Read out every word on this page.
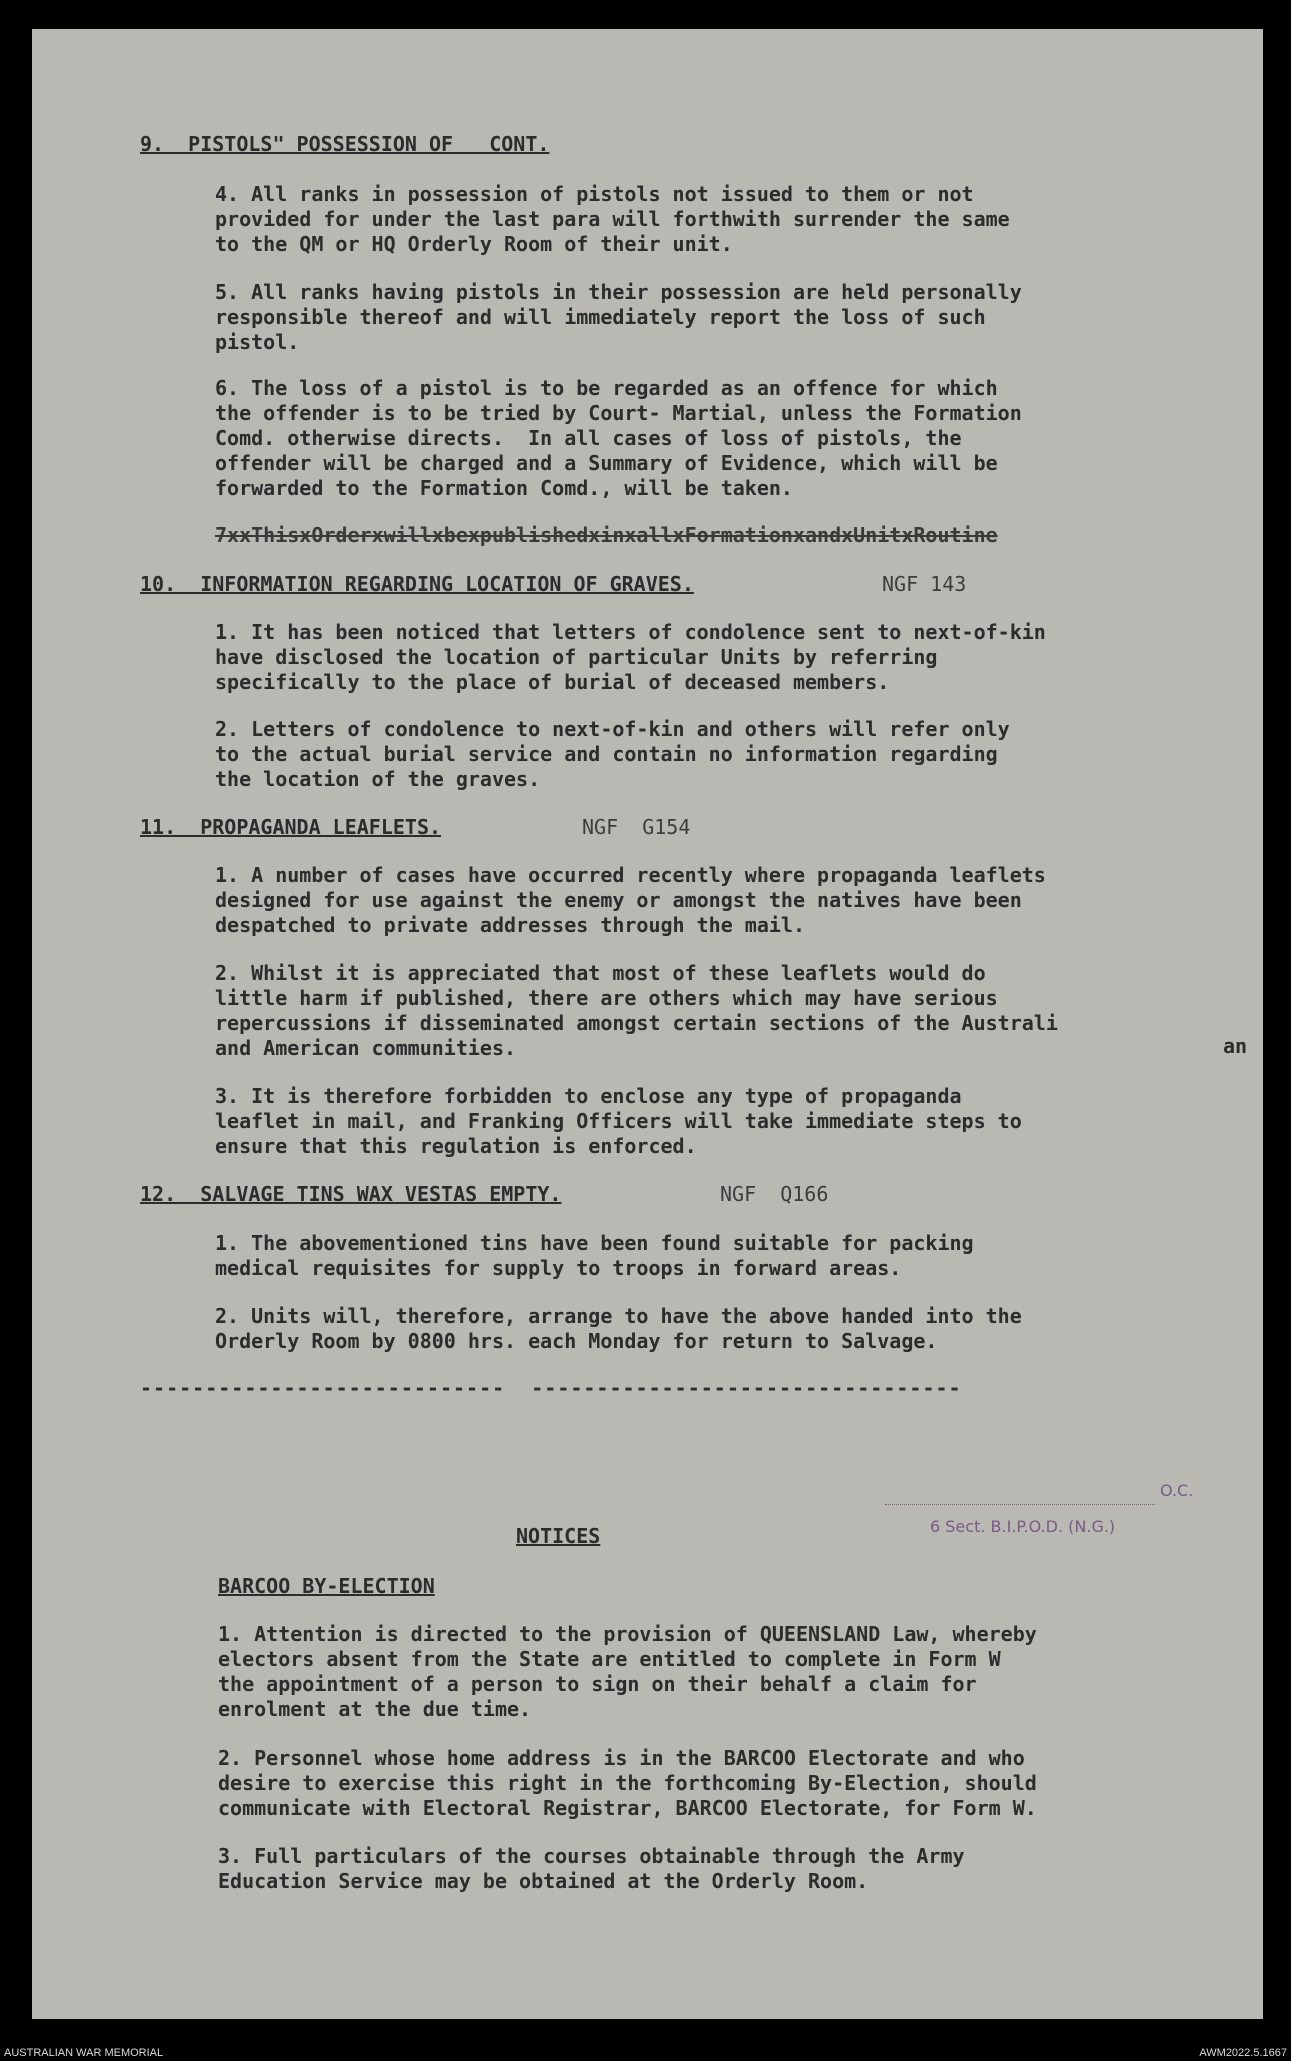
9.  PISTOLS" POSSESSION OF   CONT.
4. All ranks in possession of pistols not issued to them or not
provided for under the last para will forthwith surrender the same
to the QM or HQ Orderly Room of their unit.
5. All ranks having pistols in their possession are held personally
responsible thereof and will immediately report the loss of such
pistol.
6. The loss of a pistol is to be regarded as an offence for which
the offender is to be tried by Court- Martial, unless the Formation
Comd. otherwise directs.  In all cases of loss of pistols, the
offender will be charged and a Summary of Evidence, which will be
forwarded to the Formation Comd., will be taken.
7xxThisxOrderxwillxbexpublishedxinxallxFormationxandxUnitxRoutine
10.  INFORMATION REGARDING LOCATION OF GRAVES.	NGF 143
1. It has been noticed that letters of condolence sent to next-of-kin
have disclosed the location of particular Units by referring
specifically to the place of burial of deceased members.
2. Letters of condolence to next-of-kin and others will refer only
to the actual burial service and contain no information regarding
the location of the graves.
11.  PROPAGANDA LEAFLETS.	NGF  G154
1. A number of cases have occurred recently where propaganda leaflets
designed for use against the enemy or amongst the natives have been
despatched to private addresses through the mail.
2. Whilst it is appreciated that most of these leaflets would do
little harm if published, there are others which may have serious
repercussions if disseminated amongst certain sections of the Australi
and American communities.	an
3. It is therefore forbidden to enclose any type of propaganda
leaflet in mail, and Franking Officers will take immediate steps to
ensure that this regulation is enforced.
12.  SALVAGE TINS WAX VESTAS EMPTY.	NGF  Q166
1. The abovementioned tins have been found suitable for packing
medical requisites for supply to troops in forward areas.
2. Units will, therefore, arrange to have the above handed into the
Orderly Room by 0800 hrs. each Monday for return to Salvage.
----------------------------  ---------------------------------
O.C.
6 Sect. B.I.P.O.D. (N.G.)
NOTICES
BARCOO BY-ELECTION
1. Attention is directed to the provision of QUEENSLAND Law, whereby
electors absent from the State are entitled to complete in Form W
the appointment of a person to sign on their behalf a claim for
enrolment at the due time.
2. Personnel whose home address is in the BARCOO Electorate and who
desire to exercise this right in the forthcoming By-Election, should
communicate with Electoral Registrar, BARCOO Electorate, for Form W.
3. Full particulars of the courses obtainable through the Army
Education Service may be obtained at the Orderly Room.
AUSTRALIAN WAR MEMORIAL	AWM2022.5.1667
